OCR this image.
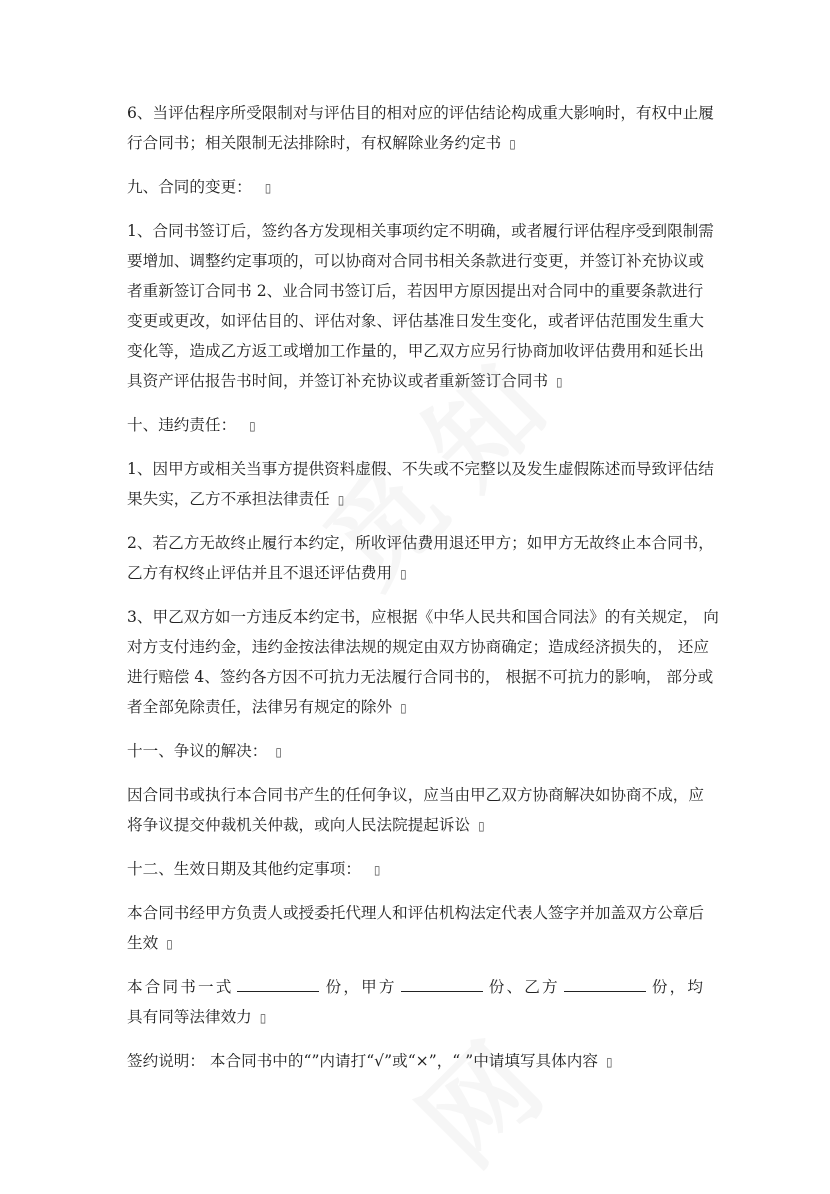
6、当评估程序所受限制对与评估目的相对应的评估结论构成重大影响时，有权中止履
行合同书；相关限制无法排除时，有权解除业务约定书 ▯

九、合同的变更： ▯

1、合同书签订后，签约各方发现相关事项约定不明确，或者履行评估程序受到限制需
要增加、调整约定事项的，可以协商对合同书相关条款进行变更，并签订补充协议或
者重新签订合同书 2、业合同书签订后，若因甲方原因提出对合同中的重要条款进行
变更或更改，如评估目的、评估对象、评估基准日发生变化，或者评估范围发生重大
变化等，造成乙方返工或增加工作量的，甲乙双方应另行协商加收评估费用和延长出
具资产评估报告书时间，并签订补充协议或者重新签订合同书 ▯

十、违约责任： ▯

1、因甲方或相关当事方提供资料虚假、不失或不完整以及发生虚假陈述而导致评估结
果失实，乙方不承担法律责任 ▯

2、若乙方无故终止履行本约定，所收评估费用退还甲方；如甲方无故终止本合同书，
乙方有权终止评估并且不退还评估费用 ▯

3、甲乙双方如一方违反本约定书，应根据《中华人民共和国合同法》的有关规定， 向
对方支付违约金，违约金按法律法规的规定由双方协商确定；造成经济损失的， 还应
进行赔偿 4、签约各方因不可抗力无法履行合同书的， 根据不可抗力的影响， 部分或
者全部免除责任，法律另有规定的除外 ▯

十一、争议的解决： ▯

因合同书或执行本合同书产生的任何争议，应当由甲乙双方协商解决如协商不成，应
将争议提交仲裁机关仲裁，或向人民法院提起诉讼 ▯

十二、生效日期及其他约定事项： ▯

本合同书经甲方负责人或授委托代理人和评估机构法定代表人签字并加盖双方公章后
生效 ▯

本合同书一式	份，甲方	份、乙方	份，均
具有同等法律效力 ▯

签约说明： 本合同书中的“”内请打“√”或“×”，“ ”中请填写具体内容 ▯
